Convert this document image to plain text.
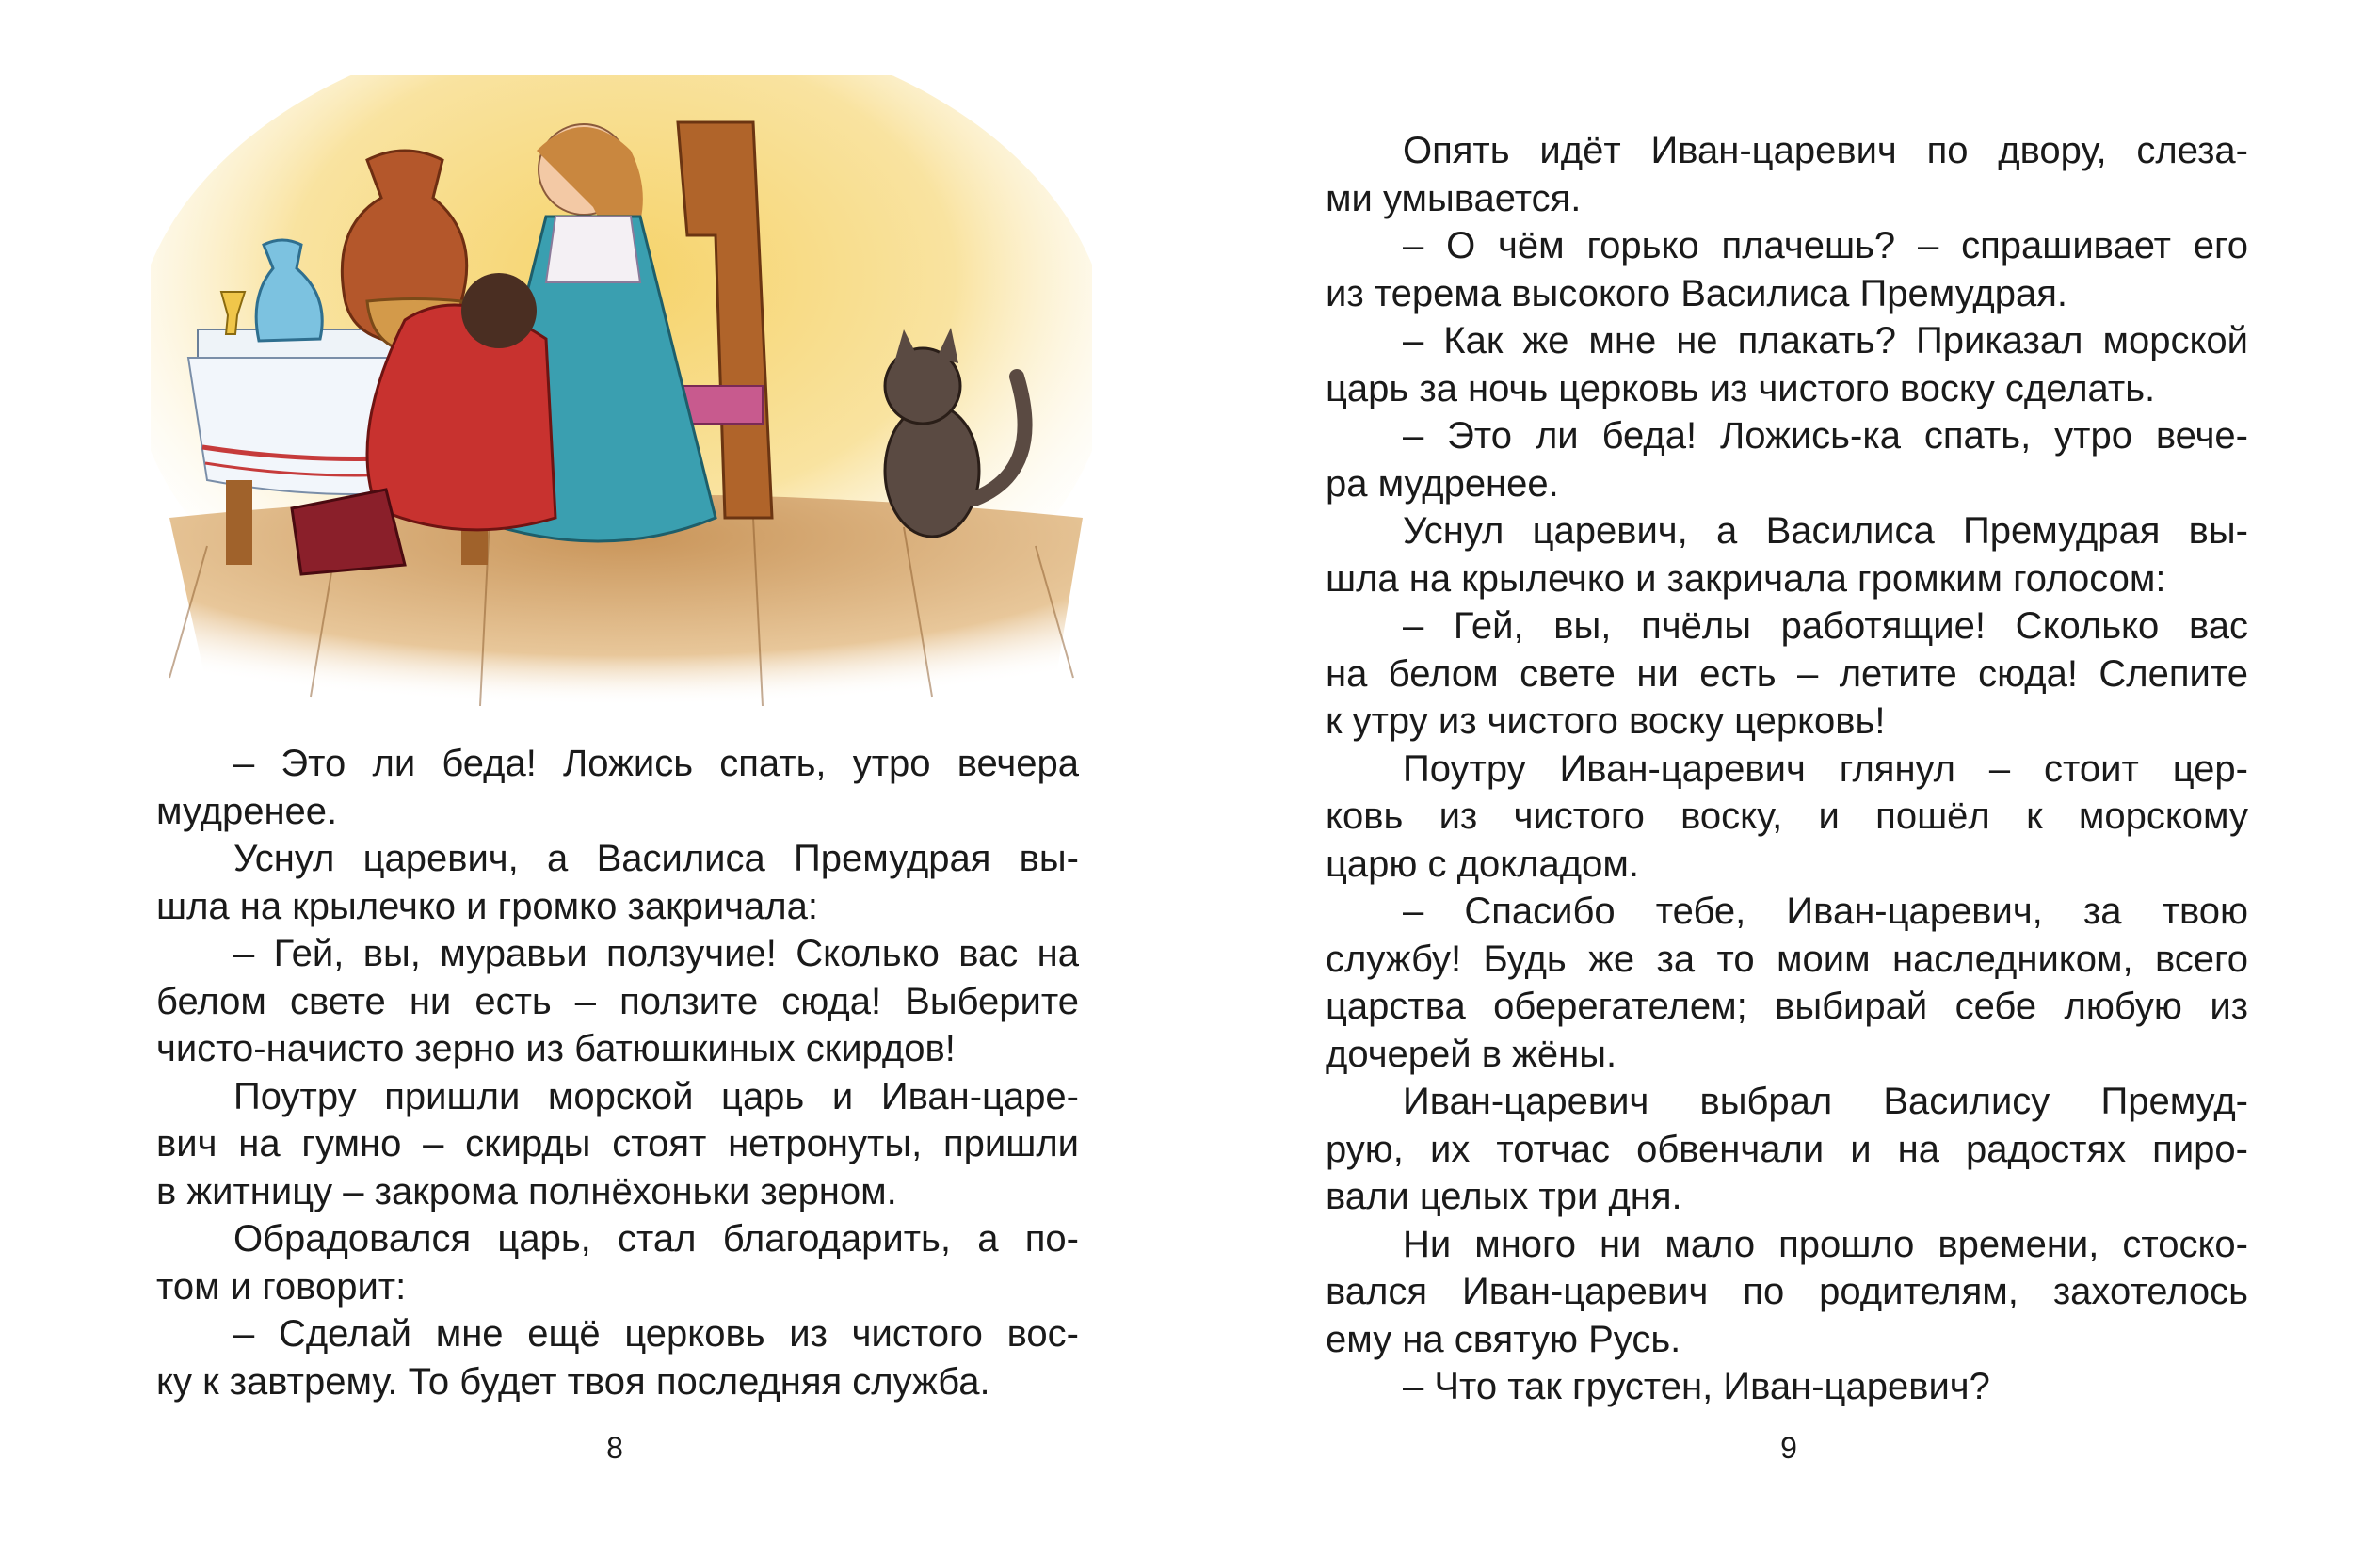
– Это ли беда! Ложись спать, утро вечера
мудренее.
Уснул царевич, а Василиса Премудрая вы-
шла на крылечко и громко закричала:
– Гей, вы, муравьи ползучие! Сколько вас на
белом свете ни есть – ползите сюда! Выберите
чисто-начисто зерно из батюшкиных скирдов!
Поутру пришли морской царь и Иван-царе-
вич на гумно – скирды стоят нетронуты, пришли
в житницу – закрома полнёхоньки зерном.
Обрадовался царь, стал благодарить, а по-
том и говорит:
– Сделай мне ещё церковь из чистого вос-
ку к завтрему. То будет твоя последняя служба.
8
Опять идёт Иван-царевич по двору, слеза-
ми умывается.
– О чём горько плачешь? – спрашивает его
из терема высокого Василиса Премудрая.
– Как же мне не плакать? Приказал морской
царь за ночь церковь из чистого воску сделать.
– Это ли беда! Ложись-ка спать, утро вече-
ра мудренее.
Уснул царевич, а Василиса Премудрая вы-
шла на крылечко и закричала громким голосом:
– Гей, вы, пчёлы работящие! Сколько вас
на белом свете ни есть – летите сюда! Слепите
к утру из чистого воску церковь!
Поутру Иван-царевич глянул – стоит цер-
ковь из чистого воску, и пошёл к морскому
царю с докладом.
– Спасибо тебе, Иван-царевич, за твою
службу! Будь же за то моим наследником, всего
царства оберегателем; выбирай себе любую из
дочерей в жёны.
Иван-царевич выбрал Василису Премуд-
рую, их тотчас обвенчали и на радостях пиро-
вали целых три дня.
Ни много ни мало прошло времени, стоско-
вался Иван-царевич по родителям, захотелось
ему на святую Русь.
– Что так грустен, Иван-царевич?
9
